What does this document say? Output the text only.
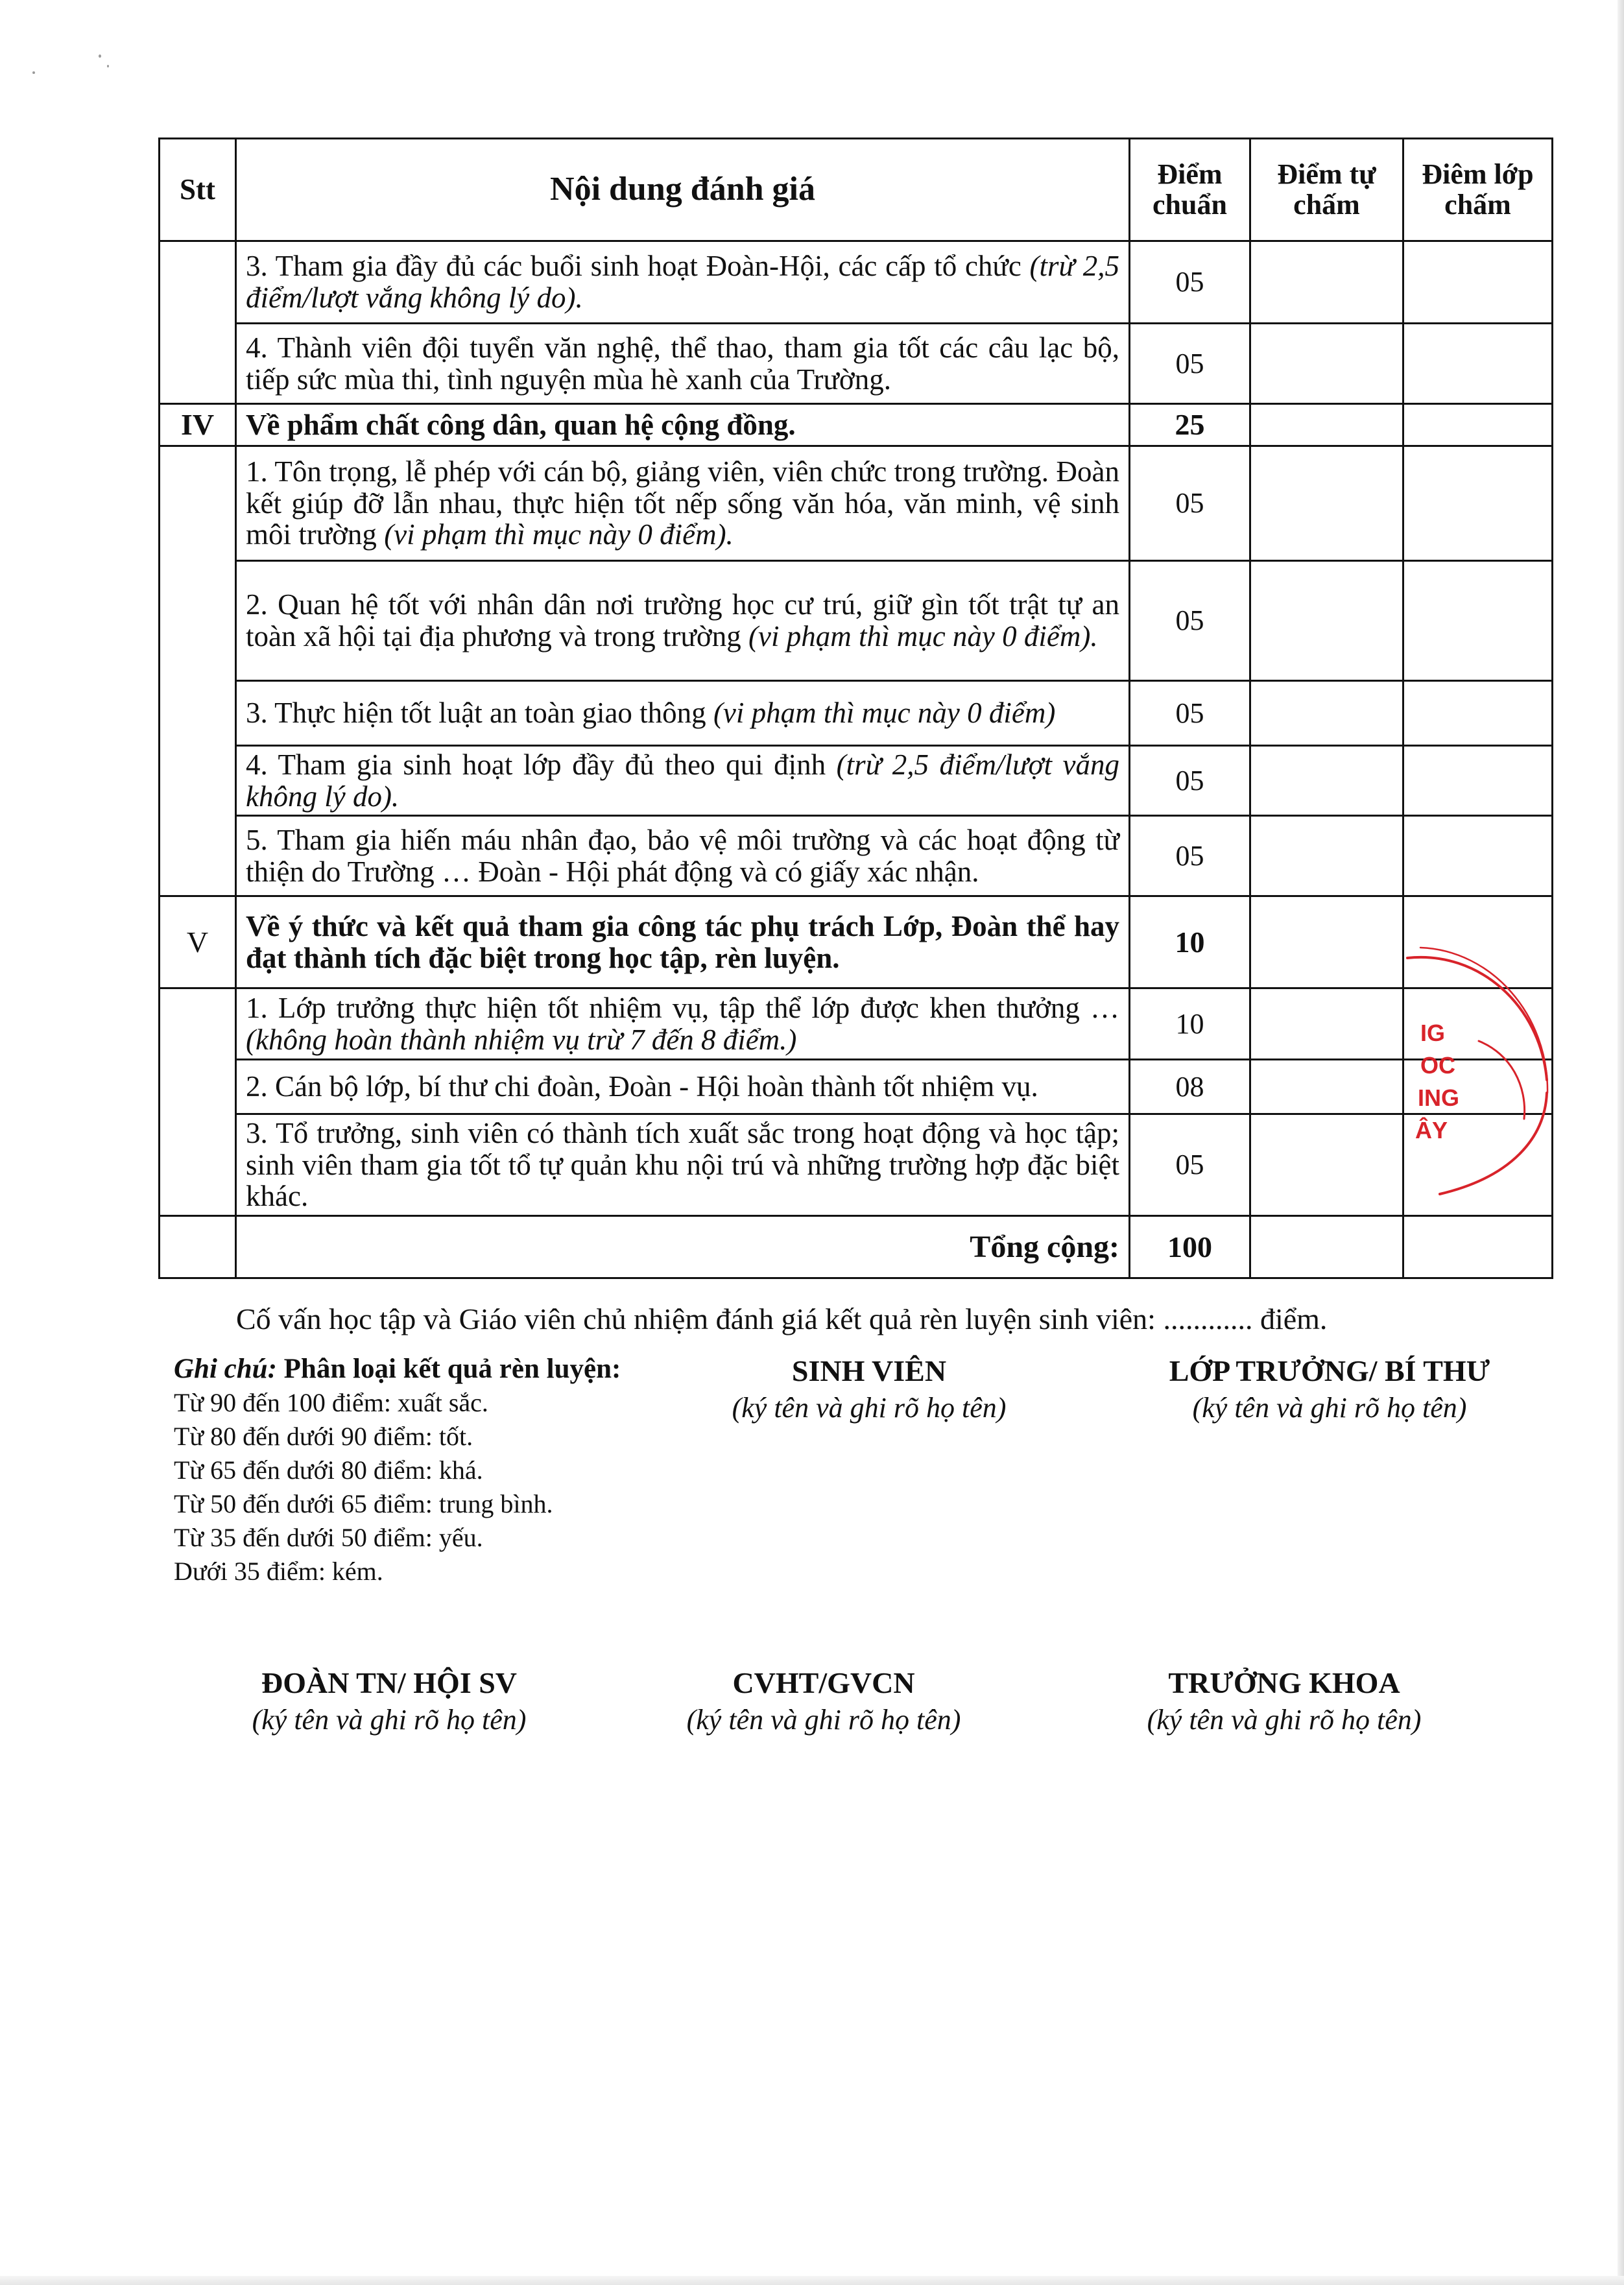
Stt	Nội dung đánh giá	Điểm chuẩn	Điểm tự chấm	Điêm lớp chấm
	3. Tham gia đầy đủ các buổi sinh hoạt Đoàn-Hội, các cấp tổ chức (trừ 2,5 điểm/lượt vắng không lý do).	05		
	4. Thành viên đội tuyển văn nghệ, thể thao, tham gia tốt các câu lạc bộ, tiếp sức mùa thi, tình nguyện mùa hè xanh của Trường.	05		
IV	Về phẩm chất công dân, quan hệ cộng đồng.	25		
	1. Tôn trọng, lễ phép với cán bộ, giảng viên, viên chức trong trường. Đoàn kết giúp đỡ lẫn nhau, thực hiện tốt nếp sống văn hóa, văn minh, vệ sinh môi trường (vi phạm thì mục này 0 điểm).	05		
	2. Quan hệ tốt với nhân dân nơi trường học cư trú, giữ gìn tốt trật tự an toàn xã hội tại địa phương và trong trường (vi phạm thì mục này 0 điểm).	05		
	3. Thực hiện tốt luật an toàn giao thông (vi phạm thì mục này 0 điểm)	05		
	4. Tham gia sinh hoạt lớp đầy đủ theo qui định (trừ 2,5 điểm/lượt vắng không lý do).	05		
	5. Tham gia hiến máu nhân đạo, bảo vệ môi trường và các hoạt động từ thiện do Trường … Đoàn - Hội phát động và có giấy xác nhận.	05		
V	Về ý thức và kết quả tham gia công tác phụ trách Lớp, Đoàn thể hay đạt thành tích đặc biệt trong học tập, rèn luyện.	10		
	1. Lớp trưởng thực hiện tốt nhiệm vụ, tập thể lớp được khen thưởng …(không hoàn thành nhiệm vụ trừ 7 đến 8 điểm.)	10		
	2. Cán bộ lớp, bí thư chi đoàn, Đoàn - Hội hoàn thành tốt nhiệm vụ.	08		
	3. Tổ trưởng, sinh viên có thành tích xuất sắc trong hoạt động và học tập; sinh viên tham gia tốt tổ tự quản khu nội trú và những trường hợp đặc biệt khác.	05		
	Tổng cộng:	100		
IG
OC
ING
ÂY
Cố vấn học tập và Giáo viên chủ nhiệm đánh giá kết quả rèn luyện sinh viên: ............ điểm.
Ghi chú: Phân loại kết quả rèn luyện:
Từ 90 đến 100 điểm: xuất sắc.
Từ 80 đến dưới 90 điểm: tốt.
Từ 65 đến dưới 80 điểm: khá.
Từ 50 đến dưới 65 điểm: trung bình.
Từ 35 đến dưới 50 điểm: yếu.
Dưới 35 điểm: kém.
SINH VIÊN
(ký tên và ghi rõ họ tên)
LỚP TRƯỞNG/ BÍ THƯ
(ký tên và ghi rõ họ tên)
ĐOÀN TN/ HỘI SV
(ký tên và ghi rõ họ tên)
CVHT/GVCN
(ký tên và ghi rõ họ tên)
TRƯỞNG KHOA
(ký tên và ghi rõ họ tên)
